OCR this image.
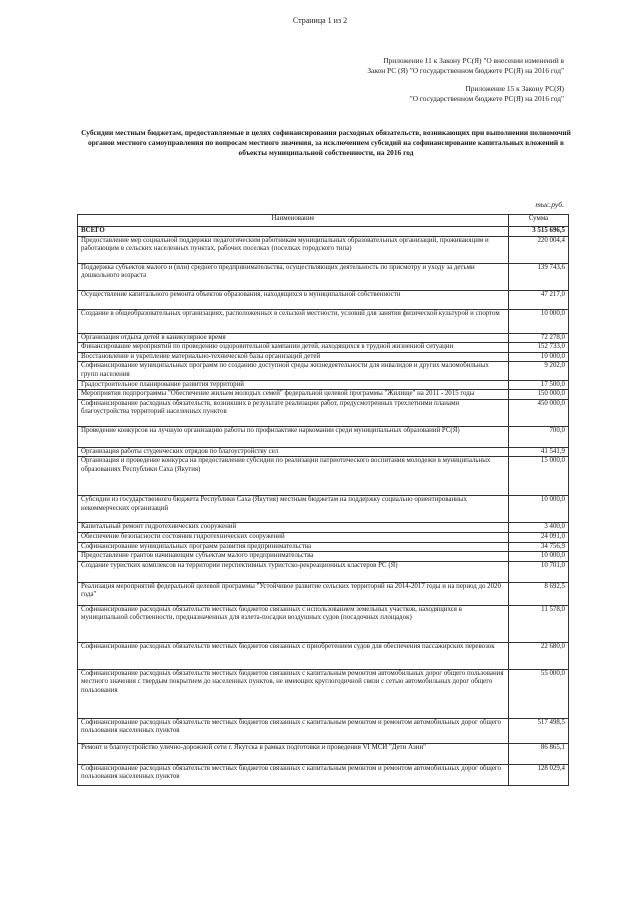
Страница 1 из 2
Приложение 11 к Закону РС(Я) "О внесении изменений в
Закон РС (Я) "О государственном бюджете РС(Я) на 2016 год"
Приложение 15 к Закону РС(Я)
"О государственном бюджете РС(Я) на 2016 год"
Субсидии местным бюджетам, предоставляемые в целях софинансирования расходных обязательств, возникающих при выполнении полномочий органов местного самоуправления по вопросам местного значения, за исключением субсидий на софинансирование капитальных вложений в объекты муниципальной собственности, на 2016 год
тыс.руб.
Наименование	Сумма
ВСЕГО	3 515 696,5
Предоставление мер социальной поддержки педагогическим работникам муниципальных образовательных организаций, проживающим и работающим в сельских населенных пунктах, рабочих поселках (поселках городского типа)	220 004,4
Поддержка субъектов малого и (или) среднего предпринимательства, осуществляющих деятельность по присмотру и уходу за детьми дошкольного возраста	139 743,6
Осуществление капитального ремонта объектов образования, находящихся в муниципальной собственности	47 217,0
Создание в общеобразовательных организациях, расположенных в сельской местности, условий для занятия физической культурой и спортом	10 000,0
Организация отдыха детей в каникулярное время	72 278,0
Финансирование мероприятий по проведению оздоровительной кампании детей, находящихся в трудной жизненной ситуации	152 733,0
Восстановление и укрепление материально-технической базы организаций детей	10 000,0
Софинансирование муниципальных программ по созданию доступной среды жизнедеятельности для инвалидов и других маломобильных групп населения	9 202,0
Градостроительное планирование развития территорий	17 500,0
Мероприятия подпрограммы "Обеспечение жильем молодых семей" федеральной целевой программы "Жилище" на 2011 - 2015 годы	150 000,0
Софинансирование расходных обязательств, возникших в результате реализации работ, предусмотренных трехлетними планами благоустройства территорий населенных пунктов	450 000,0
Проведение конкурсов на лучшую организацию работы по профилактике наркомании среди муниципальных образований РС(Я)	700,0
Организация работы студенческих отрядов по благоустройству сел	41 541,9
Организация и проведение конкурса на предоставление субсидии по реализации патриотического воспитания молодежи в муниципальных образованиях Республики Саха (Якутия)	15 000,0
Субсидии из государственного бюджета Республики Саха (Якутия) местным бюджетам на поддержку социально ориентированных некоммерческих организаций	10 000,0
Капитальный ремонт гидротехнических сооружений	3 400,0
Обеспечение безопасности состояния гидротехнических сооружений	24 091,0
Софинансирование муниципальных программ развития предпринимательства	34 756,9
Предоставление грантов начинающим субъектам малого предпринимательства	10 000,0
Создание туристких комплексов на территории перспективных туристско-рекреационных кластеров РС (Я)	10 701,0
Реализация мероприятий федеральной целевой программы "Устойчивое развитие сельских территорий на 2014-2017 годы и на период до 2020 года"	8 692,5
Софинансирование расходных обязательств местных бюджетов связанных с использованием земельных участков, находящихся в муниципальной собственности, предназначенных для взлета-посадки воздушных судов (посадочных площадок)	11 578,0
Софинансирование расходных обязательств местных бюджетов связанных с приобретением судов для обеспечения пассажирских перевозок	22 680,0
Софинансирование расходных обязательств местных бюджетов связанных с капитальным ремонтом автомобильных дорог общего пользования местного значения с твердым покрытием до населенных пунктов, не имеющих круглогодичной связи с сетью автомобильных дорог общего пользования	55 000,0
Софинансирование расходных обязательств местных бюджетов связанных с капитальным ремонтом и ремонтом автомобильных дорог общего пользования населенных пунктов	517 498,5
Ремонт и благоустройство улично-дорожной сети г. Якутска в рамках подготовки и проведения VI МСИ "Дети Азии"	86 865,1
Софинансирование расходных обязательств местных бюджетов связанных с капитальным ремонтом и ремонтом автомобильных дорог общего пользования населенных пунктов	128 029,4
